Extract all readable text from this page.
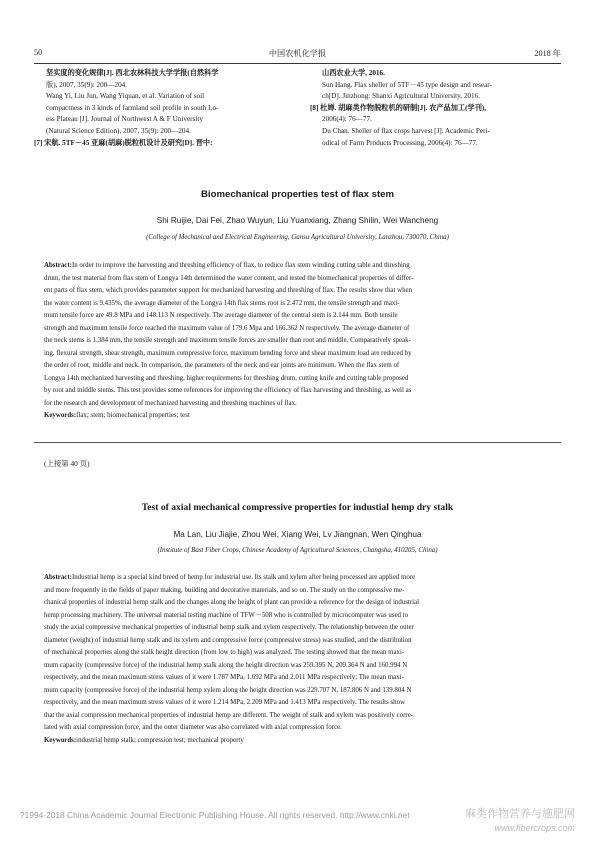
50	中国农机化学报	2018 年
坚实度的变化规律[J]. 西北农林科技大学学报(自然科学
版), 2007, 35(9): 200—204.
Wang Yi, Liu Jun, Wang Yiquan, et al. Variation of soil
compactness in 3 kinds of farmland soil profile in south Lo-
ess Plateau [J]. Journal of Northwest A & F University
(Natural Science Edition), 2007, 35(9): 200—204.
[7] 宋航. 5TF－45 亚麻(胡麻)脱粒机设计及研究[D]. 晋中:
山西农业大学, 2016.
Sun Hang. Flax sheller of 5TF－45 type design and resear-
ch[D]. Jinzhong: Shanxi Agricultural University, 2016.
[8] 杜婵. 胡麻类作物脱粒机的研制[J]. 农产品加工(学刊),
2006(4): 76—77.
Du Chan. Sheller of flax crops harvest [J]. Academic Peri-
odical of Farm Products Processing, 2006(4): 76—77.
Biomechanical properties test of flax stem
Shi Ruijie, Dai Fei, Zhao Wuyun, Liu Yuanxiang, Zhang Shilin, Wei Wancheng
(College of Mechanical and Electrical Engineering, Gansu Agricultural University, Lanzhou, 730070, China)
Abstract:In order to improve the harvesting and threshing efficiency of flax, to reduce flax stem winding cutting table and threshing
drum, the test material from flax stem of Longya 14th determined the water content, and tested the biomechanical properties of differ-
ent parts of flax stem, which provides parameter support for mechanized harvesting and threshing of flax. The results show that when
the water content is 9.435%, the average diameter of the Longya 14th flax stems root is 2.472 mm, the tensile strength and maxi-
mum tensile force are 49.8 MPa and 148.113 N respectively. The average diameter of the central stem is 2.144 mm. Both tensile
strength and maximum tensile force reached the maximum value of 179.6 Mpa and 166.362 N respectively. The average diameter of
the neck stems is 1.384 mm, the tensile strength and maximum tensile forces are smaller than root and middle. Comparatively speak-
ing, flexural strength, shear strength, maximum compressive force, maximum bending force and shear maximum load are reduced by
the order of root, middle and neck. In comparison, the parameters of the neck and ear joints are minimum. When the flax stem of
Longya 14th mechanized harvesting and threshing, higher requirements for threshing drum, cutting knife and cutting table proposed
by root and middle stems. This test provides some references for improving the efficiency of flax harvesting and threshing, as well as
for the research and development of mechanized harvesting and threshing machines of flax.
Keywords:flax; stem; biomechanical properties; test
(上接第 40 页)
Test of axial mechanical compressive properties for industial hemp dry stalk
Ma Lan, Liu Jiajie, Zhou Wei, Xiang Wei, Lv Jiangnan, Wen Qinghua
(Institute of Bast Fiber Crops, Chinese Academy of Agricultural Sciences, Changsha, 410205, China)
Abstract:Industrial hemp is a special kind breed of hemp for industrial use. Its stalk and xylem after being processed are applied more
and more frequently in the fields of paper making, building and decorative materials, and so on. The study on the compressive me-
chanical properties of industrial hemp stalk and the changes along the height of plant can provide a reference for the design of industrial
hemp processing machinery. The universal material testing machine of TFW－508 who is controlled by microcomputer was used to
study the axial compressive mechanical properties of industrial hemp stalk and xylem respectively. The relationship between the outer
diameter (weight) of industrial hemp stalk and its xylem and compressive force (compressive stress) was studied, and the distribution
of mechanical properties along the stalk height direction (from low to high) was analyzed. The testing showed that the mean maxi-
mum capacity (compressive force) of the industrial hemp stalk along the height direction was 259.395 N, 209.364 N and 160.994 N
respectively, and the mean maximum stress values of it were 1.787 MPa, 1.692 MPa and 2.011 MPa respectively; The mean maxi-
mum capacity (compressive force) of the industrial hemp xylem along the height direction was 229.707 N, 187.806 N and 139.804 N
respectively, and the mean maximum stress values of it were 1.214 MPa, 2.209 MPa and 1.413 MPa respectively. The results show
that the axial compression mechanical properties of industrial hemp are different. The weight of stalk and xylem was positively corre-
lated with axial compression force, and the outer diameter was also correlated with axial compression force.
Keywords:industrial hemp stalk; compression test; mechanical property
?1994-2018 China Academic Journal Electronic Publishing House. All rights reserved. http://www.cnki.net	麻类作物营养与施肥网
www.fibercrops.com
